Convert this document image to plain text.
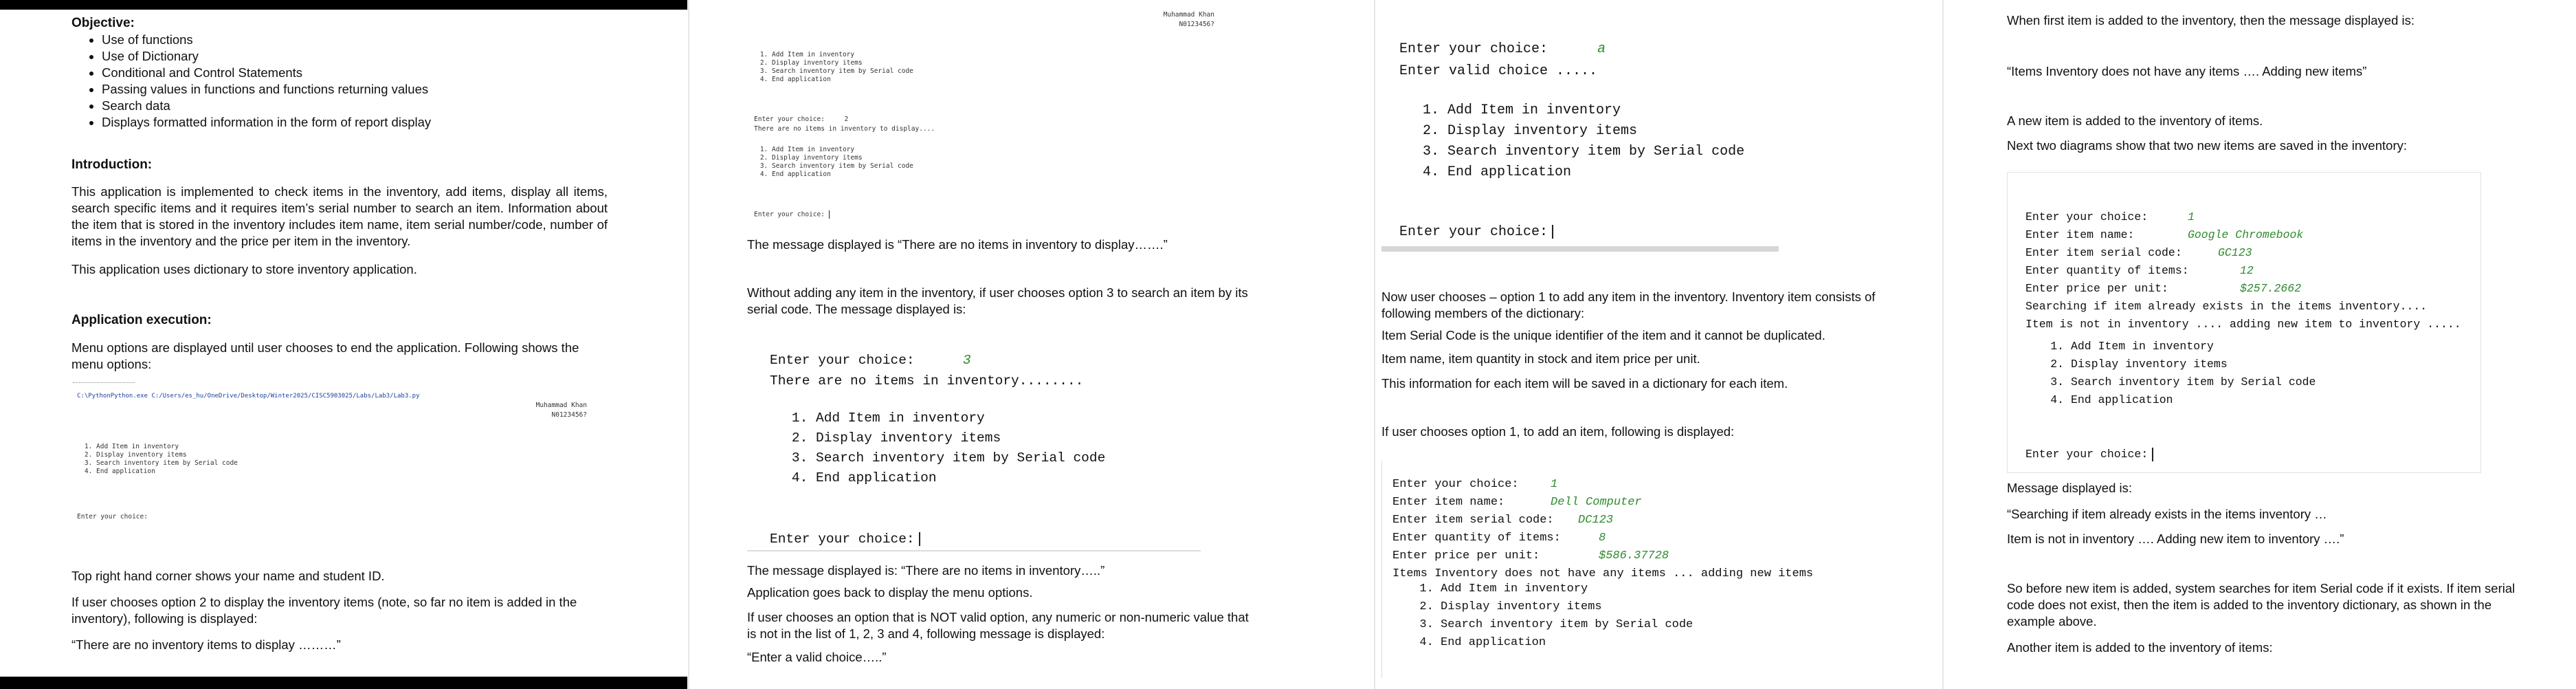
Objective:
• Use of functions
• Use of Dictionary
• Conditional and Control Statements
• Passing values in functions and functions returning values
• Search data
• Displays formatted information in the form of report display
Introduction:

This application is implemented to check items in the inventory, add items, display all items, search specific items and it requires item’s serial number to search an item. Information about the item that is stored in the inventory includes item name, item serial number/code, number of items in the inventory and the price per item in the inventory.

This application uses dictionary to store inventory application.

Application execution:

Menu options are displayed until user chooses to end the application. Following shows the menu options:

C:\PythonPython.exe C:/Users/es_hu/OneDrive/Desktop/Winter2025/CISC5903025/Labs/Lab3/Lab3.py
Muhammad Khan
N0123456?
1. Add Item in inventory
2. Display inventory items
3. Search inventory item by Serial code
4. End application
Enter your choice:

Top right hand corner shows your name and student ID.

If user chooses option 2 to display the inventory items (note, so far no item is added in the inventory), following is displayed:

“There are no inventory items to display ………”

Muhammad Khan
N0123456?
1. Add Item in inventory
2. Display inventory items
3. Search inventory item by Serial code
4. End application
Enter your choice:     2
There are no items in inventory to display....
1. Add Item in inventory
2. Display inventory items
3. Search inventory item by Serial code
4. End application
Enter your choice:

The message displayed is “There are no items in inventory to display…….”

Without adding any item in the inventory, if user chooses option 3 to search an item by its serial code. The message displayed is:

Enter your choice:	3
There are no items in inventory........
1. Add Item in inventory
2. Display inventory items
3. Search inventory item by Serial code
4. End application
Enter your choice:

The message displayed is: “There are no items in inventory…..”

Application goes back to display the menu options.

If user chooses an option that is NOT valid option, any numeric or non-numeric value that is not in the list of 1, 2, 3 and 4, following message is displayed:

“Enter a valid choice…..”

Enter your choice:	a
Enter valid choice .....
1. Add Item in inventory
2. Display inventory items
3. Search inventory item by Serial code
4. End application
Enter your choice:

Now user chooses – option 1 to add any item in the inventory. Inventory item consists of following members of the dictionary:

Item Serial Code is the unique identifier of the item and it cannot be duplicated.

Item name, item quantity in stock and item price per unit.

This information for each item will be saved in a dictionary for each item.

If user chooses option 1, to add an item, following is displayed:

Enter your choice:	1
Enter item name:	Dell Computer
Enter item serial code: DC123
Enter quantity of items:	8
Enter price per unit:	$586.37728
Items Inventory does not have any items ... adding new items
1. Add Item in inventory
2. Display inventory items
3. Search inventory item by Serial code
4. End application

When first item is added to the inventory, then the message displayed is:

“Items Inventory does not have any items …. Adding new items”

A new item is added to the inventory of items.

Next two diagrams show that two new items are saved in the inventory:

Enter your choice:	1
Enter item name:	Google Chromebook
Enter item serial code:	GC123
Enter quantity of items:	12
Enter price per unit:	$257.2662
Searching if item already exists in the items inventory....
Item is not in inventory .... adding new item to inventory .....
1. Add Item in inventory
2. Display inventory items
3. Search inventory item by Serial code
4. End application
Enter your choice:

Message displayed is:

“Searching if item already exists in the items inventory …

Item is not in inventory …. Adding new item to inventory ….”

So before new item is added, system searches for item Serial code if it exists. If item serial code does not exist, then the item is added to the inventory dictionary, as shown in the example above.

Another item is added to the inventory of items:
